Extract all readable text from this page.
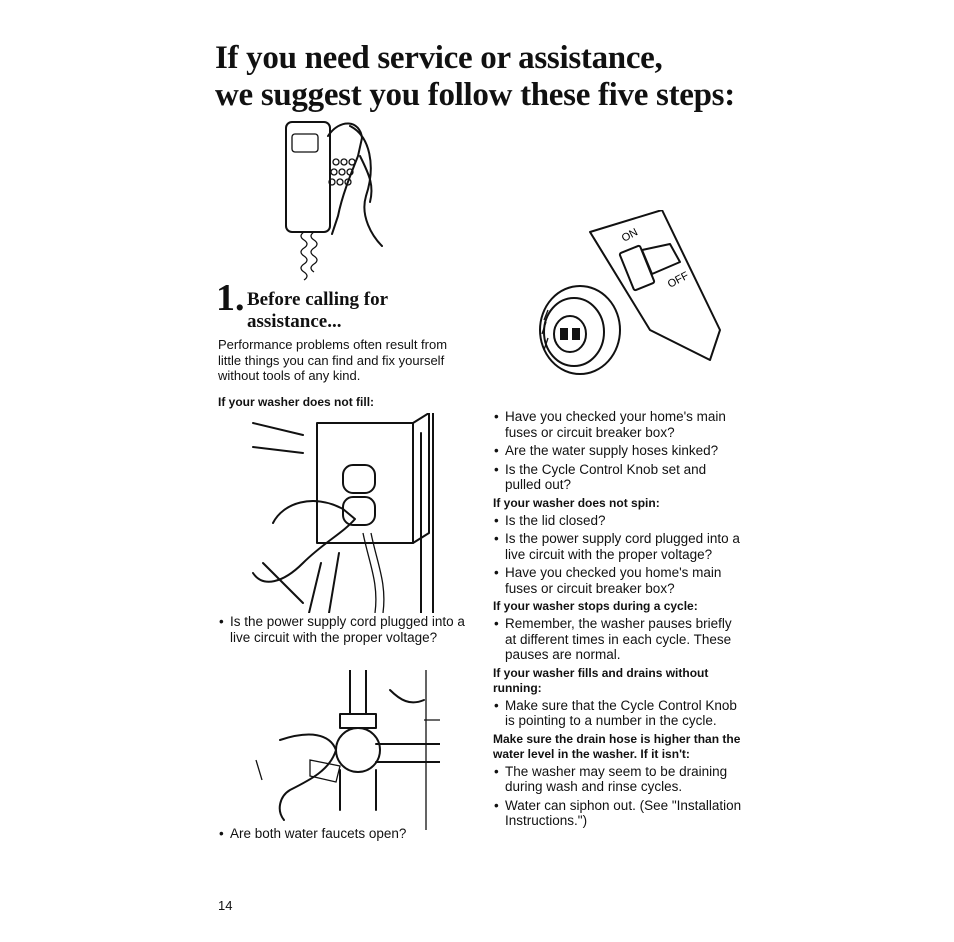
If you need service or assistance,
we suggest you follow these five steps:
1. Before calling for
assistance...

Performance problems often result from little things you can find and fix yourself without tools of any kind.

If your washer does not fill:

• Is the power supply cord plugged into a live circuit with the proper voltage?
• Are both water faucets open?
ON
OFF
• Have you checked your home's main fuses or circuit breaker box?
• Are the water supply hoses kinked?
• Is the Cycle Control Knob set and pulled out?

If your washer does not spin:

• Is the lid closed?
• Is the power supply cord plugged into a live circuit with the proper voltage?
• Have you checked you home's main fuses or circuit breaker box?

If your washer stops during a cycle:

• Remember, the washer pauses briefly at different times in each cycle. These pauses are normal.

If your washer fills and drains without running:

• Make sure that the Cycle Control Knob is pointing to a number in the cycle.

Make sure the drain hose is higher than the water level in the washer. If it isn't:

• The washer may seem to be draining during wash and rinse cycles.
• Water can siphon out. (See "Installation Instructions.")
14
